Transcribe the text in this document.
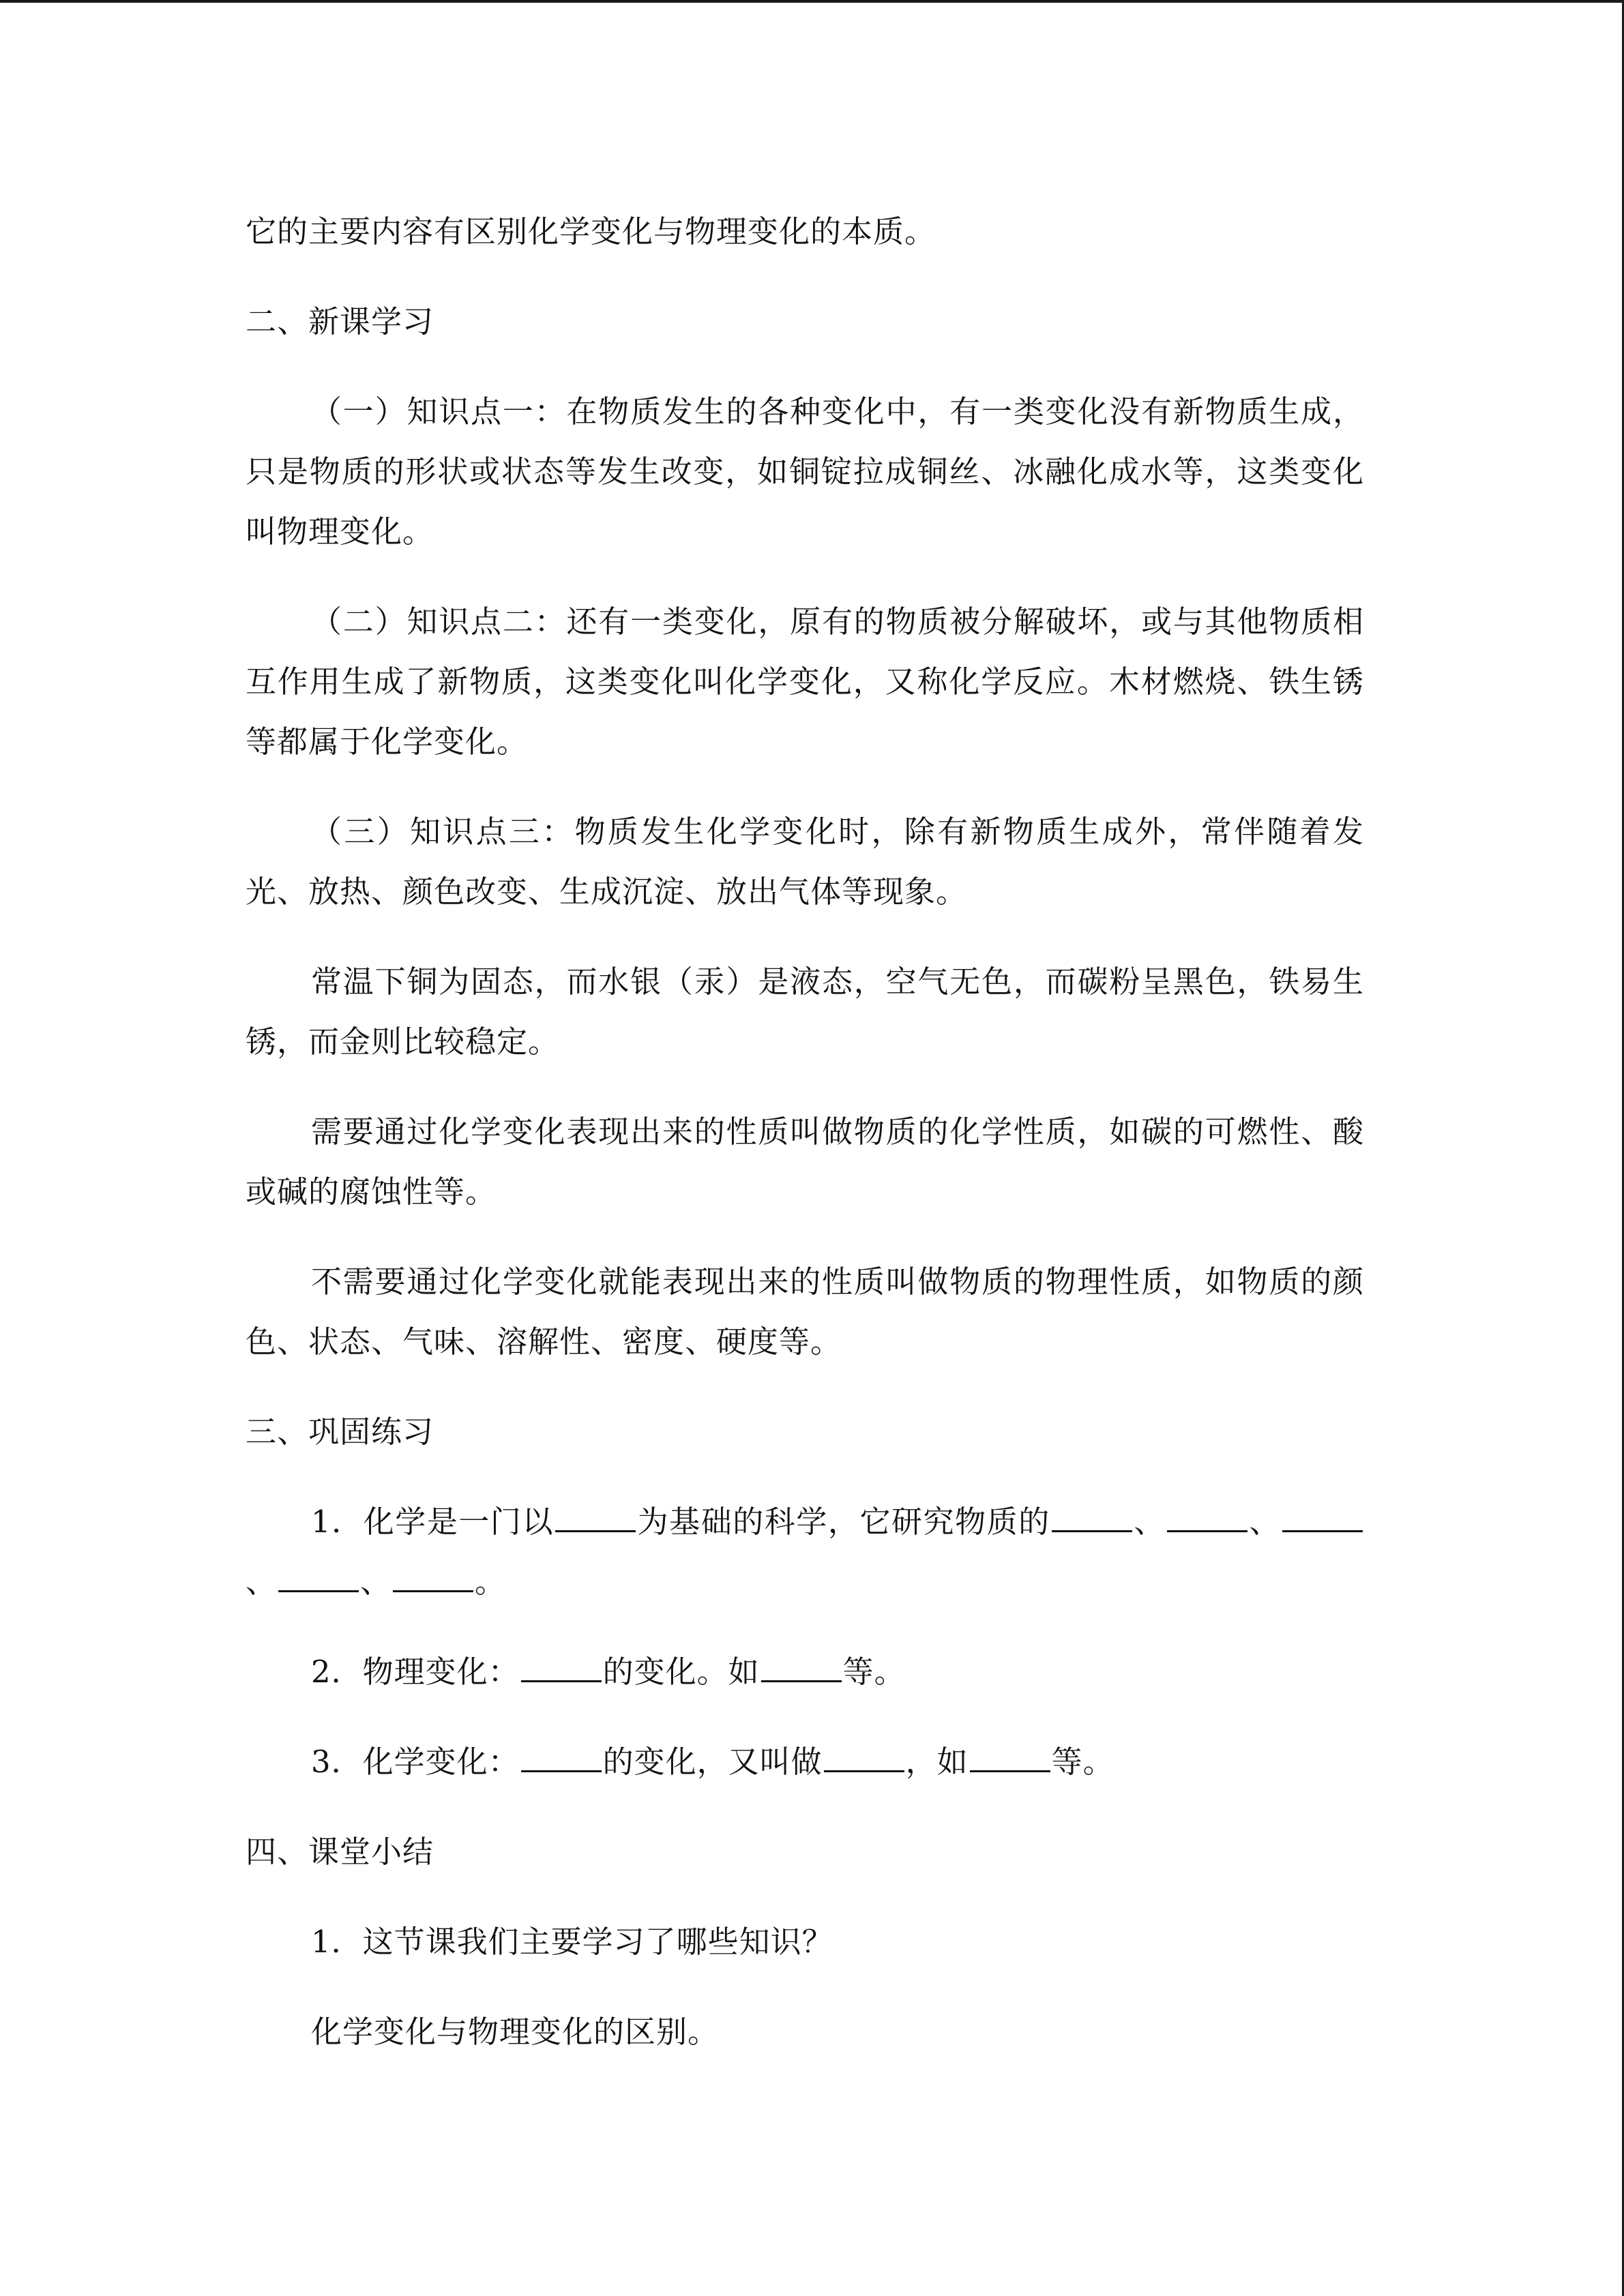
它的主要内容有区别化学变化与物理变化的本质。

二、新课学习

（一）知识点一：在物质发生的各种变化中，有一类变化没有新物质生成，只是物质的形状或状态等发生改变，如铜锭拉成铜丝、冰融化成水等，这类变化叫物理变化。

（二）知识点二：还有一类变化，原有的物质被分解破坏，或与其他物质相互作用生成了新物质，这类变化叫化学变化，又称化学反应。木材燃烧、铁生锈等都属于化学变化。

（三）知识点三：物质发生化学变化时，除有新物质生成外，常伴随着发光、放热、颜色改变、生成沉淀、放出气体等现象。

常温下铜为固态，而水银（汞）是液态，空气无色，而碳粉呈黑色，铁易生锈，而金则比较稳定。

需要通过化学变化表现出来的性质叫做物质的化学性质，如碳的可燃性、酸或碱的腐蚀性等。

不需要通过化学变化就能表现出来的性质叫做物质的物理性质，如物质的颜色、状态、气味、溶解性、密度、硬度等。

三、巩固练习

1．化学是一门以	为基础的科学，它研究物质的	、	、、	、	。

2．物理变化：	的变化。如	等。

3．化学变化：	的变化，又叫做	，如	等。

四、课堂小结

1．这节课我们主要学习了哪些知识？

化学变化与物理变化的区别。
